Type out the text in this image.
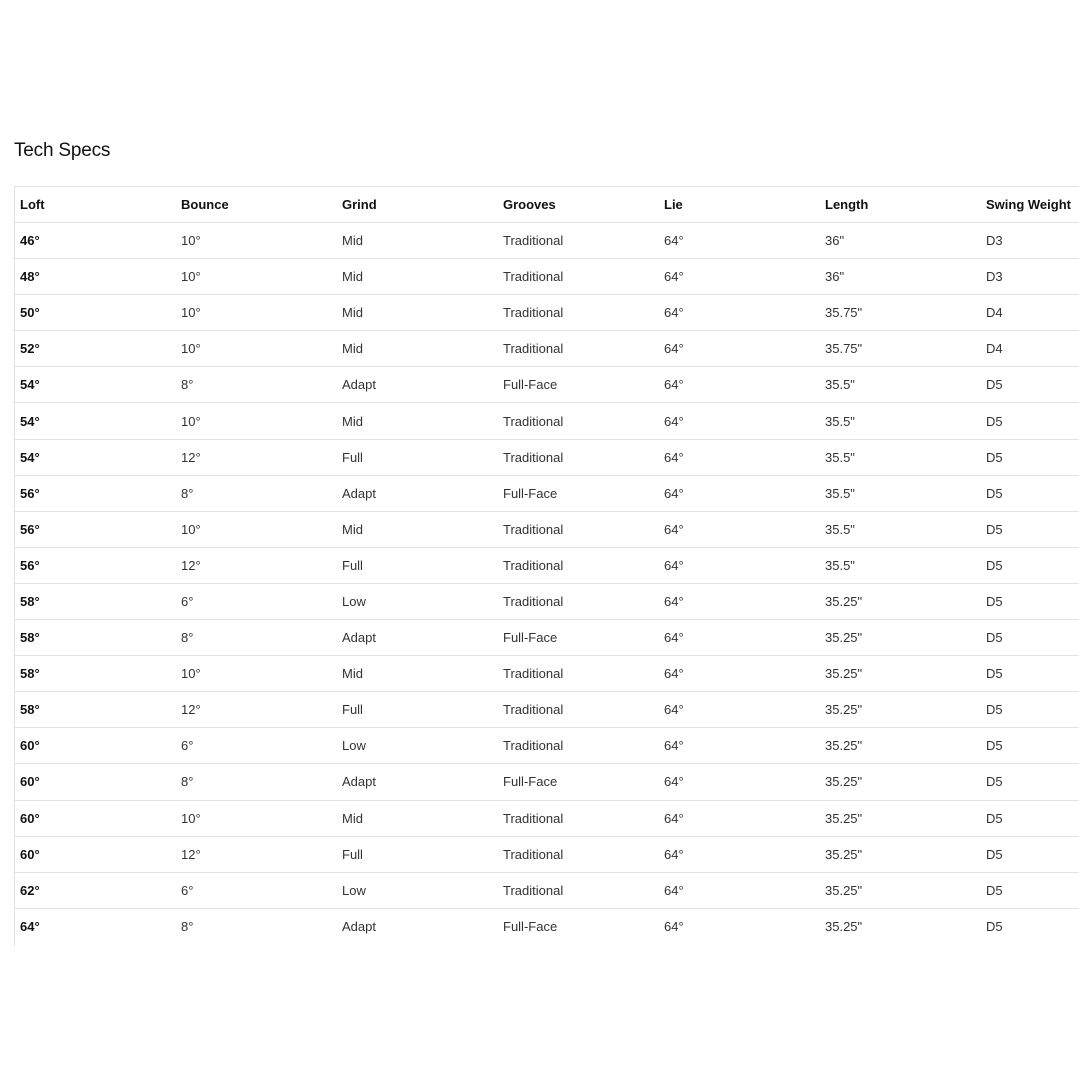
Tech Specs
Loft	Bounce	Grind	Grooves	Lie	Length	Swing Weight
46°	10°	Mid	Traditional	64°	36"	D3
48°	10°	Mid	Traditional	64°	36"	D3
50°	10°	Mid	Traditional	64°	35.75"	D4
52°	10°	Mid	Traditional	64°	35.75"	D4
54°	8°	Adapt	Full-Face	64°	35.5"	D5
54°	10°	Mid	Traditional	64°	35.5"	D5
54°	12°	Full	Traditional	64°	35.5"	D5
56°	8°	Adapt	Full-Face	64°	35.5"	D5
56°	10°	Mid	Traditional	64°	35.5"	D5
56°	12°	Full	Traditional	64°	35.5"	D5
58°	6°	Low	Traditional	64°	35.25"	D5
58°	8°	Adapt	Full-Face	64°	35.25"	D5
58°	10°	Mid	Traditional	64°	35.25"	D5
58°	12°	Full	Traditional	64°	35.25"	D5
60°	6°	Low	Traditional	64°	35.25"	D5
60°	8°	Adapt	Full-Face	64°	35.25"	D5
60°	10°	Mid	Traditional	64°	35.25"	D5
60°	12°	Full	Traditional	64°	35.25"	D5
62°	6°	Low	Traditional	64°	35.25"	D5
64°	8°	Adapt	Full-Face	64°	35.25"	D5
